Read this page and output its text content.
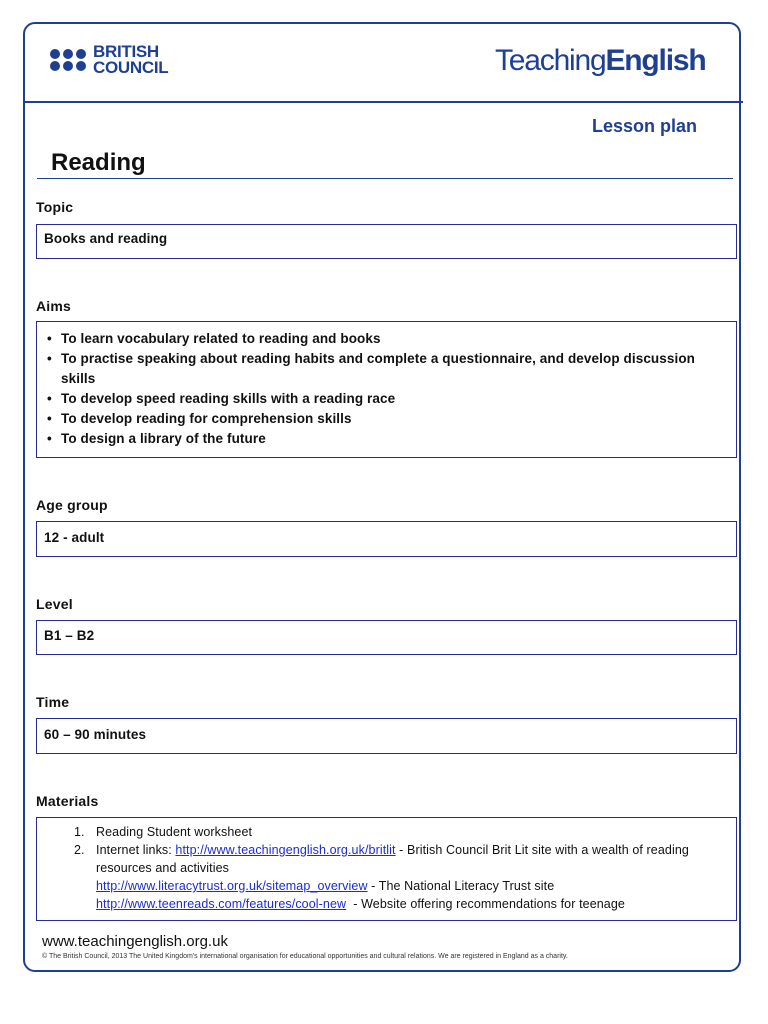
BRITISH
COUNCIL	TeachingEnglish
Lesson plan
Reading
Topic
Books and reading
Aims
• To learn vocabulary related to reading and books
• To practise speaking about reading habits and complete a questionnaire, and develop discussion skills
• To develop speed reading skills with a reading race
• To develop reading for comprehension skills
• To design a library of the future
Age group
12 - adult
Level
B1 – B2
Time
60 – 90 minutes
Materials
1. Reading Student worksheet
2. Internet links: http://www.teachingenglish.org.uk/britlit - British Council Brit Lit site with a wealth of reading resources and activities
http://www.literacytrust.org.uk/sitemap_overview - The National Literacy Trust site
http://www.teenreads.com/features/cool-new  - Website offering recommendations for teenage
www.teachingenglish.org.uk
© The British Council, 2013 The United Kingdom's international organisation for educational opportunities and cultural relations. We are registered in England as a charity.
